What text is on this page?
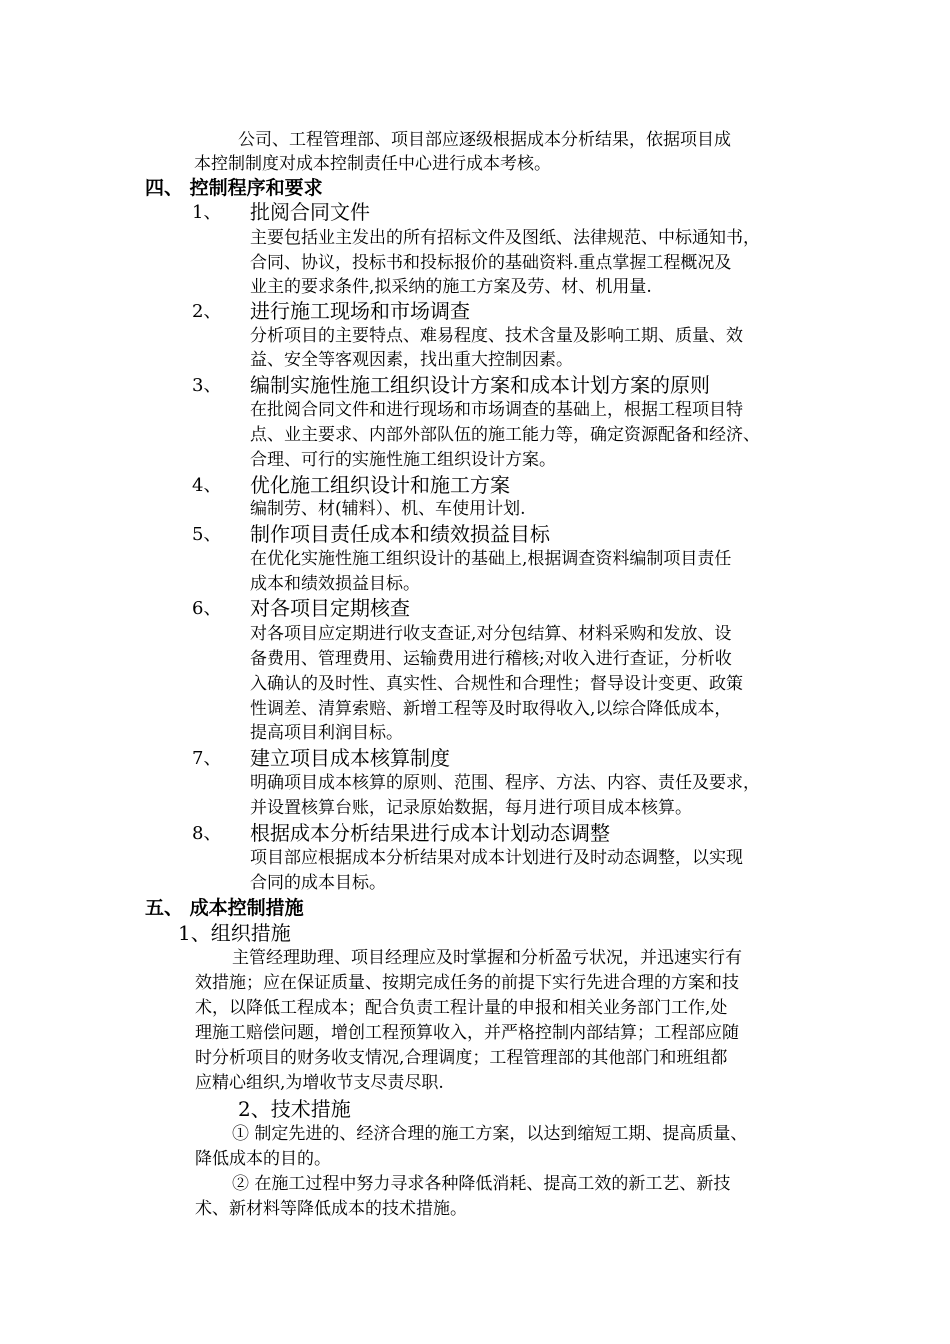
公司、工程管理部、项目部应逐级根据成本分析结果，依据项目成
本控制制度对成本控制责任中心进行成本考核。
四、 控制程序和要求
1、 批阅合同文件
主要包括业主发出的所有招标文件及图纸、法律规范、中标通知书，
合同、协议，投标书和投标报价的基础资料.重点掌握工程概况及
业主的要求条件,拟采纳的施工方案及劳、材、机用量.
2、 进行施工现场和市场调查
分析项目的主要特点、难易程度、技术含量及影响工期、质量、效
益、安全等客观因素，找出重大控制因素。
3、 编制实施性施工组织设计方案和成本计划方案的原则
在批阅合同文件和进行现场和市场调查的基础上，根据工程项目特
点、业主要求、内部外部队伍的施工能力等，确定资源配备和经济、
合理、可行的实施性施工组织设计方案。
4、 优化施工组织设计和施工方案
编制劳、材(辅料）、机、车使用计划.
5、 制作项目责任成本和绩效损益目标
在优化实施性施工组织设计的基础上,根据调查资料编制项目责任
成本和绩效损益目标。
6、 对各项目定期核查
对各项目应定期进行收支查证,对分包结算、材料采购和发放、设
备费用、管理费用、运输费用进行稽核;对收入进行查证，分析收
入确认的及时性、真实性、合规性和合理性；督导设计变更、政策
性调差、清算索赔、新增工程等及时取得收入,以综合降低成本，
提高项目利润目标。
7、 建立项目成本核算制度
明确项目成本核算的原则、范围、程序、方法、内容、责任及要求，
并设置核算台账，记录原始数据，每月进行项目成本核算。
8、 根据成本分析结果进行成本计划动态调整
项目部应根据成本分析结果对成本计划进行及时动态调整，以实现
合同的成本目标。
五、 成本控制措施
1、组织措施
主管经理助理、项目经理应及时掌握和分析盈亏状况，并迅速实行有
效措施；应在保证质量、按期完成任务的前提下实行先进合理的方案和技
术，以降低工程成本；配合负责工程计量的申报和相关业务部门工作,处
理施工赔偿问题，增创工程预算收入，并严格控制内部结算；工程部应随
时分析项目的财务收支情况,合理调度；工程管理部的其他部门和班组都
应精心组织,为增收节支尽责尽职.
2、技术措施
① 制定先进的、经济合理的施工方案，以达到缩短工期、提高质量、
降低成本的目的。
② 在施工过程中努力寻求各种降低消耗、提高工效的新工艺、新技
术、新材料等降低成本的技术措施。
